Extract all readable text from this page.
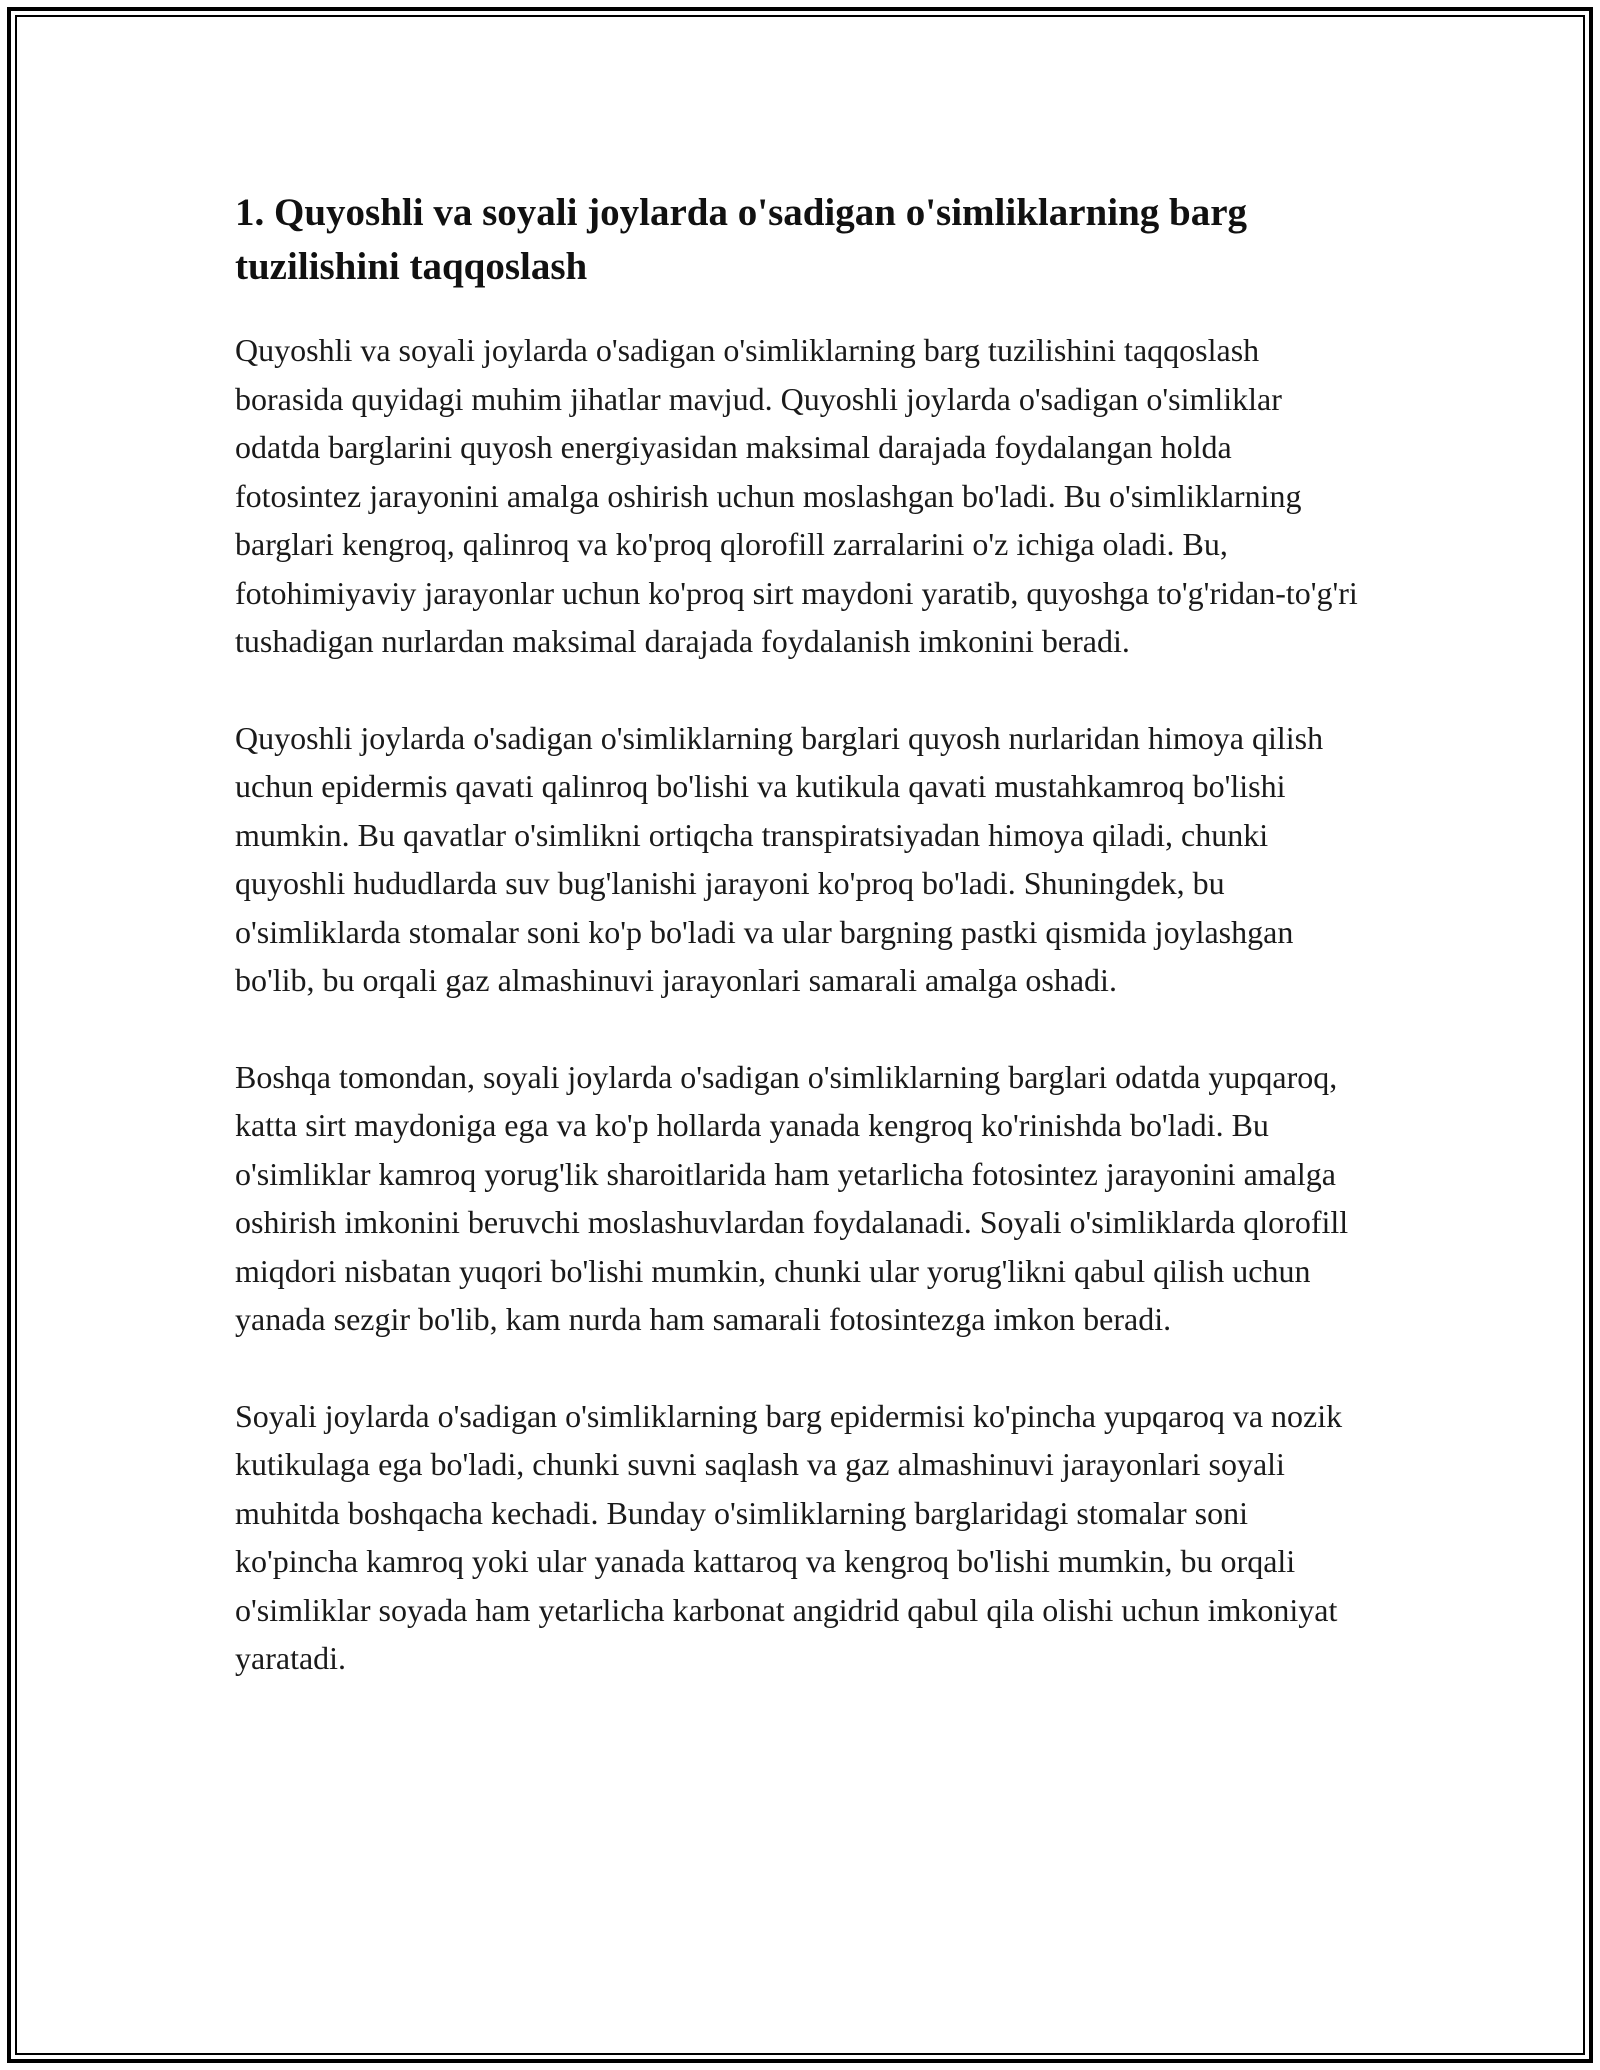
1. Quyoshli va soyali joylarda o'sadigan o'simliklarning barg tuzilishini taqqoslash

Quyoshli va soyali joylarda o'sadigan o'simliklarning barg tuzilishini taqqoslash borasida quyidagi muhim jihatlar mavjud. Quyoshli joylarda o'sadigan o'simliklar odatda barglarini quyosh energiyasidan maksimal darajada foydalangan holda fotosintez jarayonini amalga oshirish uchun moslashgan bo'ladi. Bu o'simliklarning barglari kengroq, qalinroq va ko'proq qlorofill zarralarini o'z ichiga oladi. Bu, fotohimiyaviy jarayonlar uchun ko'proq sirt maydoni yaratib, quyoshga to'g'ridan-to'g'ri tushadigan nurlardan maksimal darajada foydalanish imkonini beradi.

Quyoshli joylarda o'sadigan o'simliklarning barglari quyosh nurlaridan himoya qilish uchun epidermis qavati qalinroq bo'lishi va kutikula qavati mustahkamroq bo'lishi mumkin. Bu qavatlar o'simlikni ortiqcha transpiratsiyadan himoya qiladi, chunki quyoshli hududlarda suv bug'lanishi jarayoni ko'proq bo'ladi. Shuningdek, bu o'simliklarda stomalar soni ko'p bo'ladi va ular bargning pastki qismida joylashgan bo'lib, bu orqali gaz almashinuvi jarayonlari samarali amalga oshadi.

Boshqa tomondan, soyali joylarda o'sadigan o'simliklarning barglari odatda yupqaroq, katta sirt maydoniga ega va ko'p hollarda yanada kengroq ko'rinishda bo'ladi. Bu o'simliklar kamroq yorug'lik sharoitlarida ham yetarlicha fotosintez jarayonini amalga oshirish imkonini beruvchi moslashuvlardan foydalanadi. Soyali o'simliklarda qlorofill miqdori nisbatan yuqori bo'lishi mumkin, chunki ular yorug'likni qabul qilish uchun yanada sezgir bo'lib, kam nurda ham samarali fotosintezga imkon beradi.

Soyali joylarda o'sadigan o'simliklarning barg epidermisi ko'pincha yupqaroq va nozik kutikulaga ega bo'ladi, chunki suvni saqlash va gaz almashinuvi jarayonlari soyali muhitda boshqacha kechadi. Bunday o'simliklarning barglaridagi stomalar soni ko'pincha kamroq yoki ular yanada kattaroq va kengroq bo'lishi mumkin, bu orqali o'simliklar soyada ham yetarlicha karbonat angidrid qabul qila olishi uchun imkoniyat yaratadi.
